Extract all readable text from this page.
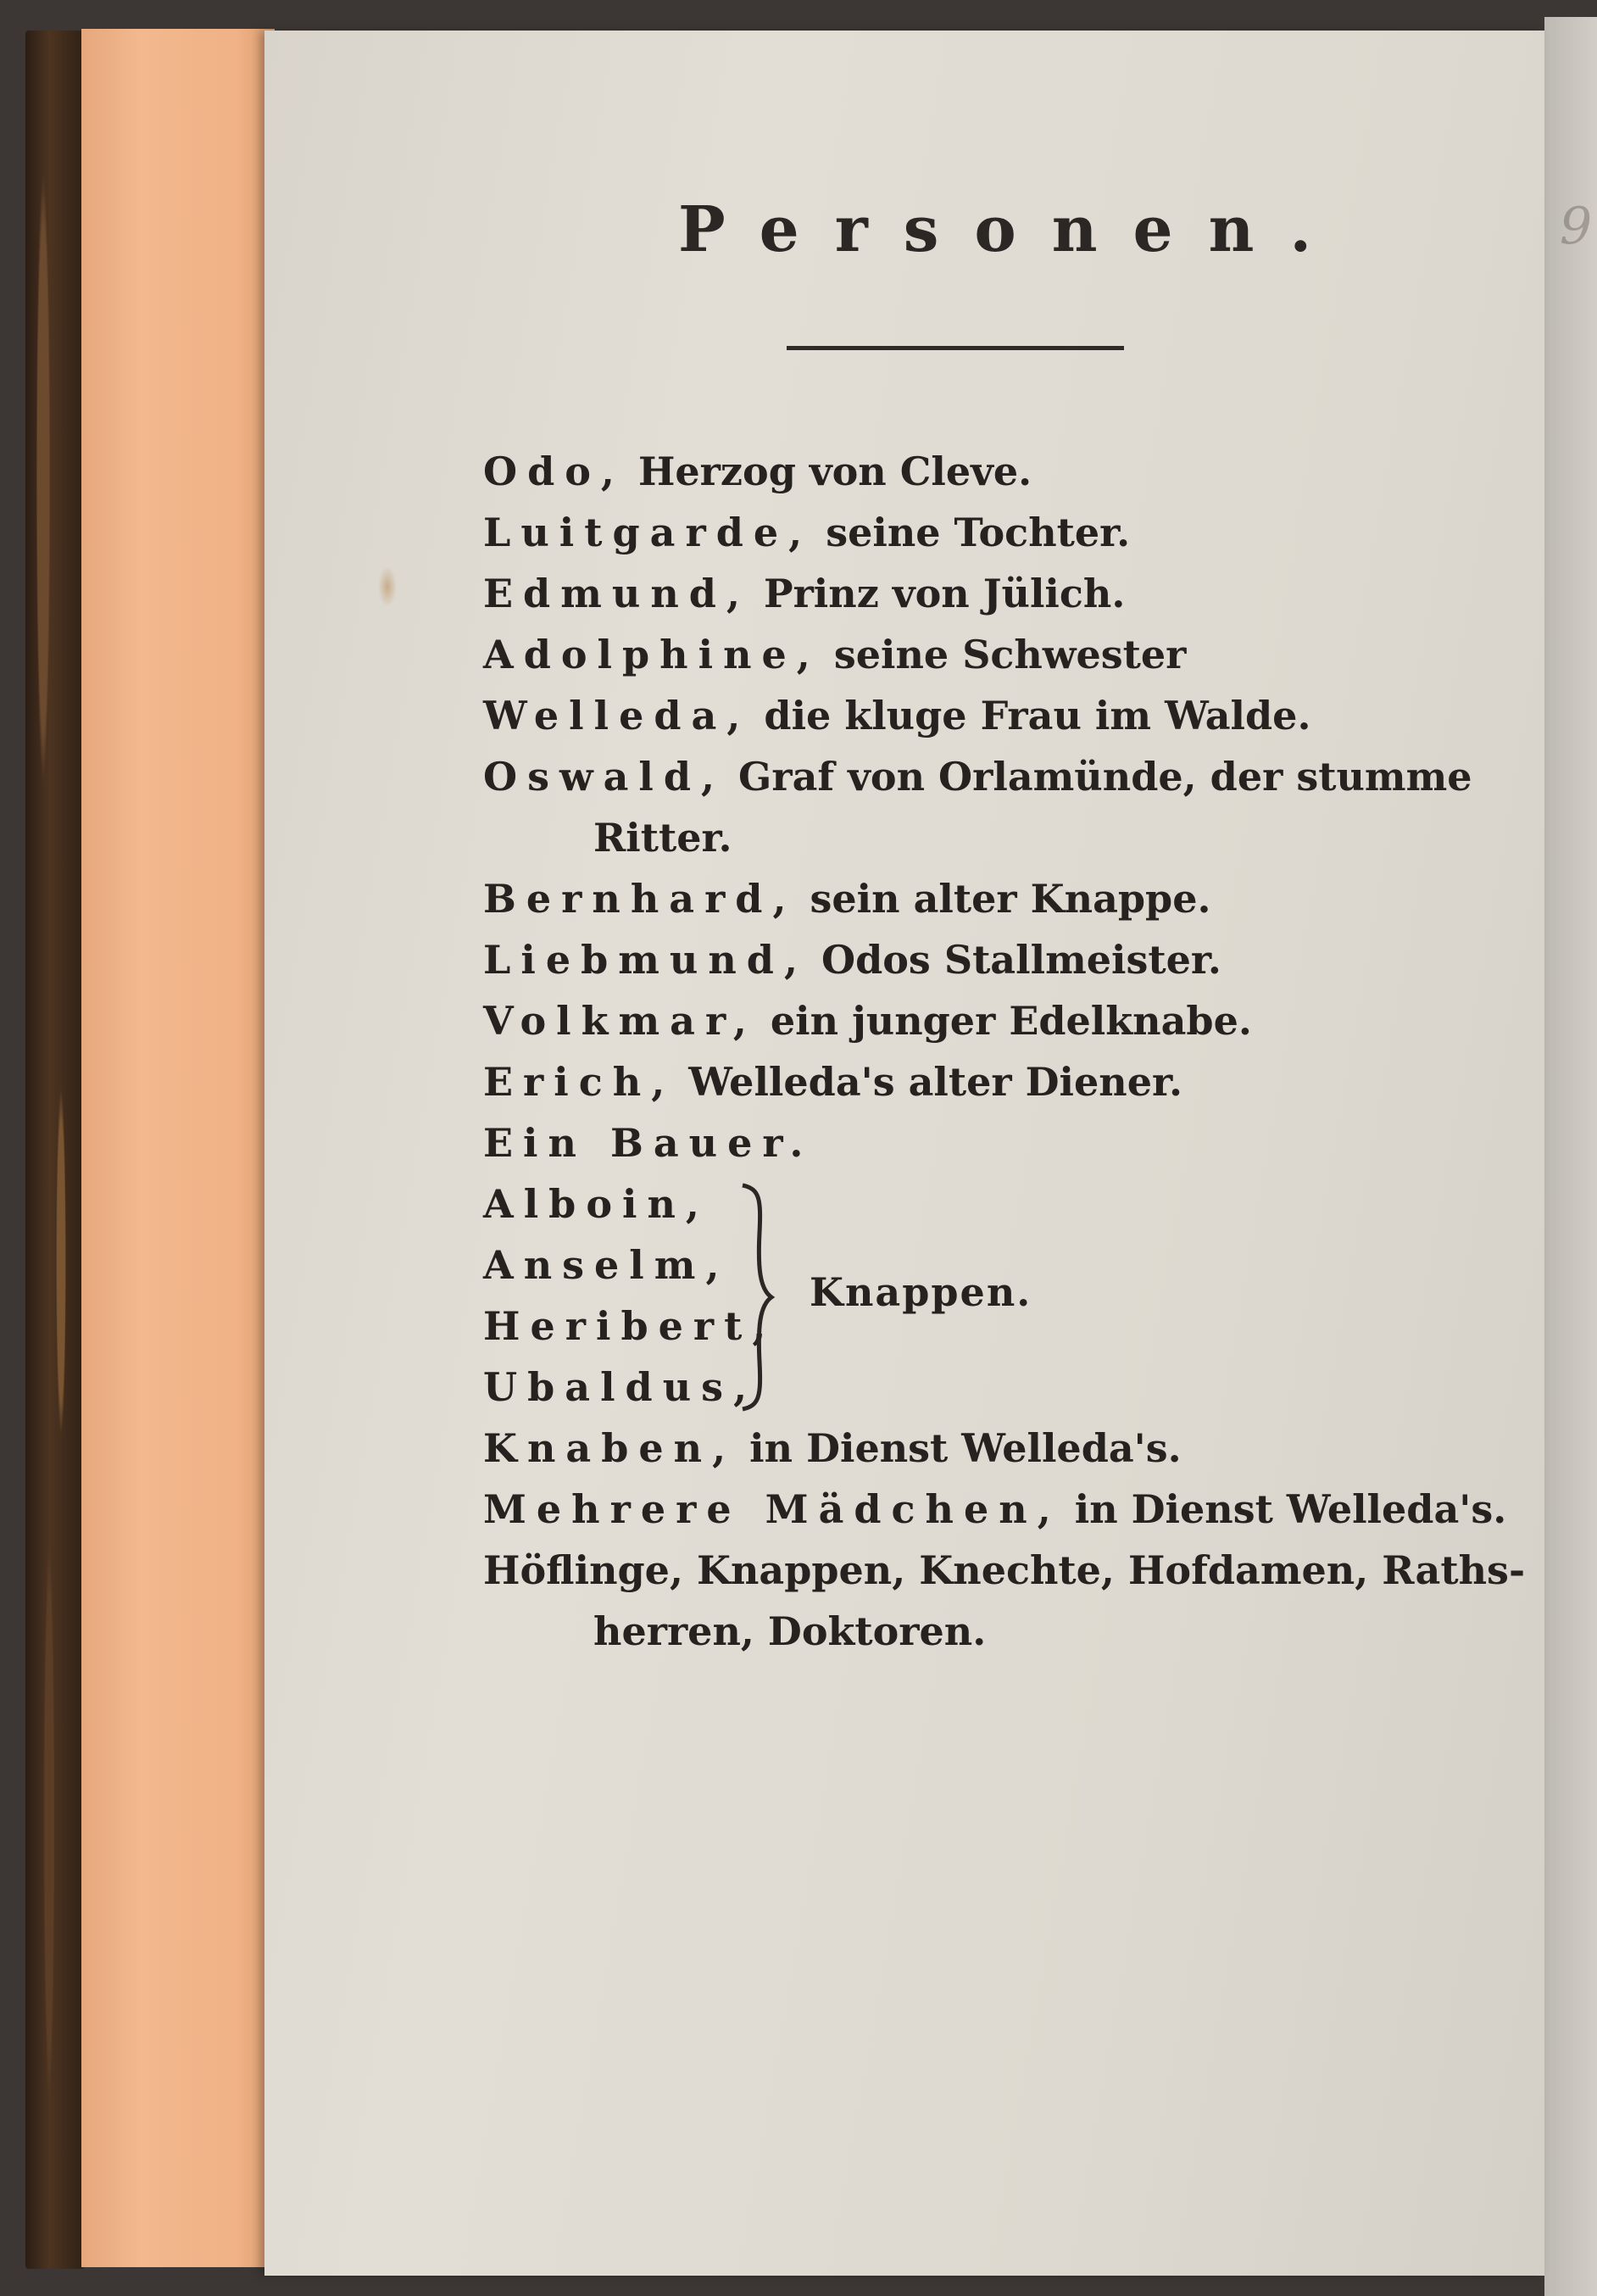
9
Personen.
Odo, Herzog von Cleve.
Luitgarde, seine Tochter.
Edmund, Prinz von Jülich.
Adolphine, seine Schwester
Welleda, die kluge Frau im Walde.
Oswald, Graf von Orlamünde, der stumme
Ritter.
Bernhard, sein alter Knappe.
Liebmund, Odos Stallmeister.
Volkmar, ein junger Edelknabe.
Erich, Welleda's alter Diener.
Ein Bauer.
Alboin,
Anselm,
Heribert,
Ubaldus,
Knappen.
Knaben, in Dienst Welleda's.
Mehrere Mädchen, in Dienst Welleda's.
Höflinge, Knappen, Knechte, Hofdamen, Raths-
herren, Doktoren.
